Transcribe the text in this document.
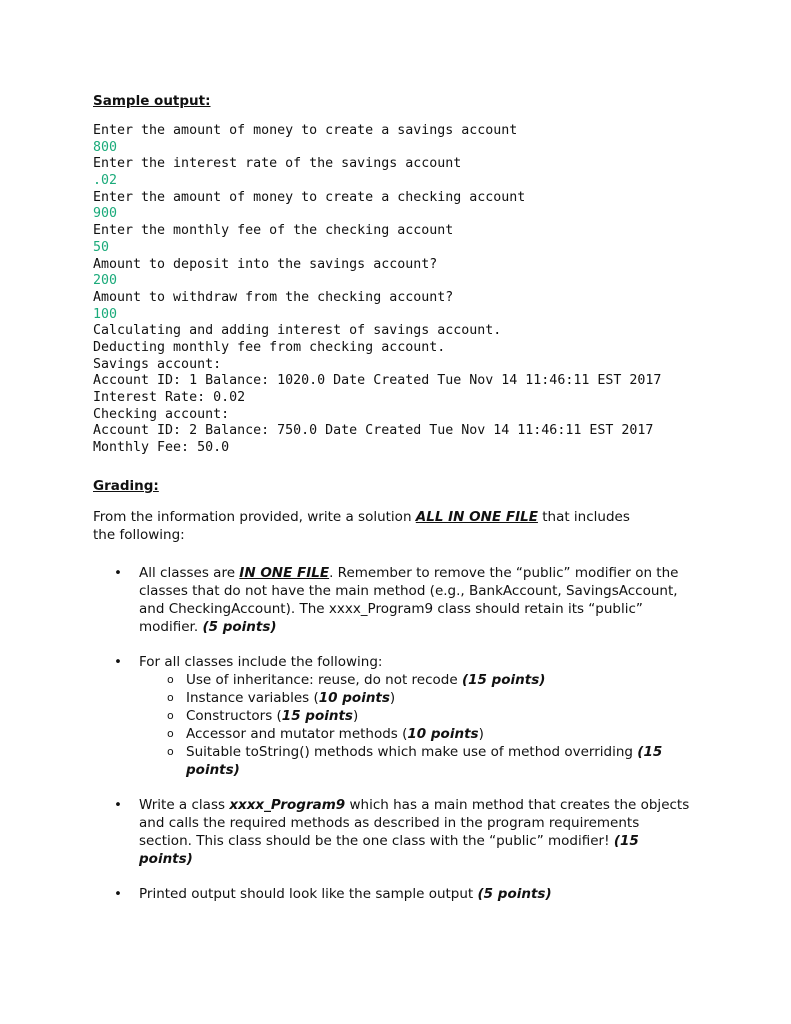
Sample output:
Enter the amount of money to create a savings account
800
Enter the interest rate of the savings account
.02
Enter the amount of money to create a checking account
900
Enter the monthly fee of the checking account
50
Amount to deposit into the savings account?
200
Amount to withdraw from the checking account?
100
Calculating and adding interest of savings account.
Deducting monthly fee from checking account.
Savings account:
Account ID: 1 Balance: 1020.0 Date Created Tue Nov 14 11:46:11 EST 2017
Interest Rate: 0.02
Checking account:
Account ID: 2 Balance: 750.0 Date Created Tue Nov 14 11:46:11 EST 2017
Monthly Fee: 50.0
Grading:
From the information provided, write a solution ALL IN ONE FILE that includes the following:
• All classes are IN ONE FILE. Remember to remove the “public” modifier on the classes that do not have the main method (e.g., BankAccount, SavingsAccount, and CheckingAccount). The xxxx_Program9 class should retain its “public” modifier. (5 points)
• For all classes include the following:
o Use of inheritance: reuse, do not recode (15 points)
o Instance variables (10 points)
o Constructors (15 points)
o Accessor and mutator methods (10 points)
o Suitable toString() methods which make use of method overriding (15 points)
• Write a class xxxx_Program9 which has a main method that creates the objects and calls the required methods as described in the program requirements section. This class should be the one class with the “public” modifier! (15 points)
• Printed output should look like the sample output (5 points)
